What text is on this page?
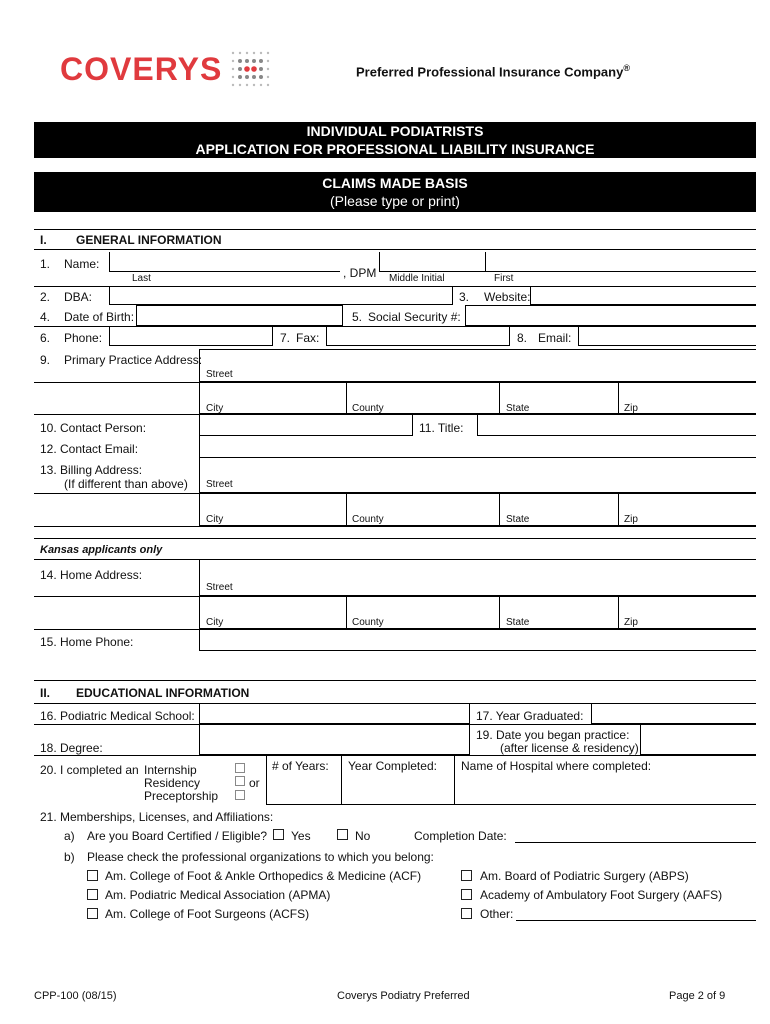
COVERYS	Preferred Professional Insurance Company®
INDIVIDUAL PODIATRISTS
APPLICATION FOR PROFESSIONAL LIABILITY INSURANCE
CLAIMS MADE BASIS
(Please type or print)
I. GENERAL INFORMATION
1. Name:
Last	, DPM Middle Initial	First
2. DBA:	3. Website:
4. Date of Birth:	5. Social Security #:
6. Phone:	7. Fax:	8. Email:
9. Primary Practice Address:
Street
City	County	State	Zip
10. Contact Person:	11. Title:
12. Contact Email:
13. Billing Address:
(If different than above) Street
City	County	State	Zip
Kansas applicants only
14. Home Address:
Street
City	County	State	Zip
15. Home Phone:
II. EDUCATIONAL INFORMATION
16. Podiatric Medical School:	17. Year Graduated:
19. Date you began practice:
(after license & residency)
18. Degree:
20. I completed an Internship
Residency
Preceptorship
or
# of Years: Year Completed: Name of Hospital where completed:
21. Memberships, Licenses, and Affiliations:
a) Are you Board Certified / Eligible? Yes	No	Completion Date:
b) Please check the professional organizations to which you belong:
Am. College of Foot & Ankle Orthopedics & Medicine (ACF)
Am. Podiatric Medical Association (APMA)
Am. College of Foot Surgeons (ACFS)
Am. Board of Podiatric Surgery (ABPS)
Academy of Ambulatory Foot Surgery (AAFS)
Other:
CPP-100 (08/15)	Coverys Podiatry Preferred	Page 2 of 9
